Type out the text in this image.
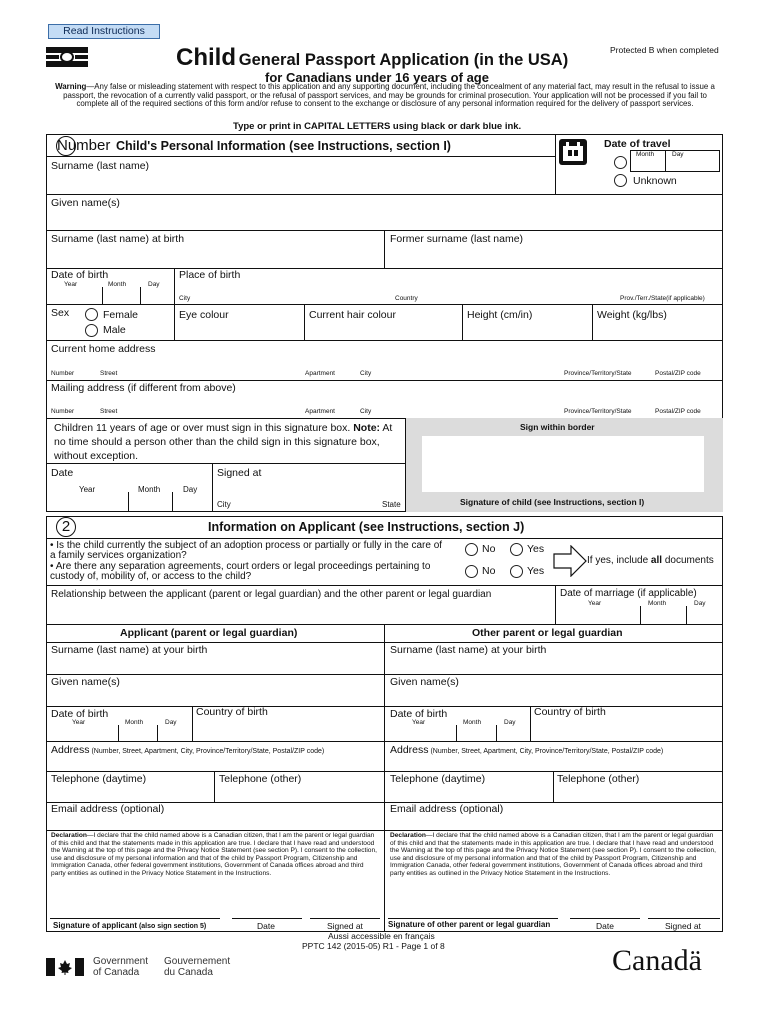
Read Instructions
Child General Passport Application (in the USA)
Protected B when completed
for Canadians under 16 years of age
Warning—Any false or misleading statement with respect to this application and any supporting document, including the concealment of any material fact, may result in the refusal to issue a passport, the revocation of a currently valid passport, or the refusal of passport services, and may be grounds for criminal prosecution. Your application will not be processed if you fail to complete all of the required sections of this form and/or refuse to consent to the exchange or disclosure of any personal information required for the delivery of passport services.
Type or print in CAPITAL LETTERS using black or dark blue ink.
Number Child's Personal Information (see Instructions, section I)	Date of travel
Month	Day
Unknown
Surname (last name)
Given name(s)
Surname (last name) at birth	Former surname (last name)
Date of birth
Year	Month	Day
Place of birth
City	Country	Prov./Terr./State(if applicable)
Sex	Female
Male
Eye colour	Current hair colour	Height (cm/in)	Weight (kg/lbs)
Current home address
Number	Street	Apartment	City	Province/Territory/State	Postal/ZIP code
Mailing address (if different from above)
Number	Street	Apartment	City	Province/Territory/State	Postal/ZIP code
Children 11 years of age or over must sign in this signature box. Note: At no time should a person other than the child sign in this signature box, without exception.
Sign within border
Signature of child (see Instructions, section I)
Date
Year	Month	Day
Signed at
City	State
2	Information on Applicant (see Instructions, section J)
• Is the child currently the subject of an adoption process or partially or fully in the care of a family services organization?
• Are there any separation agreements, court orders or legal proceedings pertaining to custody of, mobility of, or access to the child?
No	Yes
No	Yes
If yes, include all documents
Relationship between the applicant (parent or legal guardian) and the other parent or legal guardian	Date of marriage (if applicable)
Year	Month	Day
Applicant (parent or legal guardian)	Other parent or legal guardian
Surname (last name) at your birth
Given name(s)
Date of birth
Year	Month	Day
Country of birth
Address (Number, Street, Apartment, City, Province/Territory/State, Postal/ZIP code)
Telephone (daytime)	Telephone (other)
Email address (optional)
Declaration—I declare that the child named above is a Canadian citizen, that I am the parent or legal guardian of this child and that the statements made in this application are true. I declare that I have read and understood the Warning at the top of this page and the Privacy Notice Statement (see section P). I consent to the collection, use and disclosure of my personal information and that of the child by Passport Program, Citizenship and Immigration Canada, other federal government institutions, Government of Canada offices abroad and third party entities as outlined in the Privacy Notice Statement in the Instructions.
Signature of applicant (also sign section 5)	Date	Signed at
Surname (last name) at your birth
Given name(s)
Date of birth
Year	Month	Day
Country of birth
Address (Number, Street, Apartment, City, Province/Territory/State, Postal/ZIP code)
Telephone (daytime)	Telephone (other)
Email address (optional)
Declaration—I declare that the child named above is a Canadian citizen, that I am the parent or legal guardian of this child and that the statements made in this application are true. I declare that I have read and understood the Warning at the top of this page and the Privacy Notice Statement (see section P). I consent to the collection, use and disclosure of my personal information and that of the child by Passport Program, Citizenship and Immigration Canada, other federal government institutions, Government of Canada offices abroad and third party entities as outlined in the Privacy Notice Statement in the Instructions.
Signature of other parent or legal guardian	Date	Signed at
Aussi accessible en français
PPTC 142 (2015-05) R1 - Page 1 of 8
Government
of Canada
Gouvernement
du Canada	Canadä
